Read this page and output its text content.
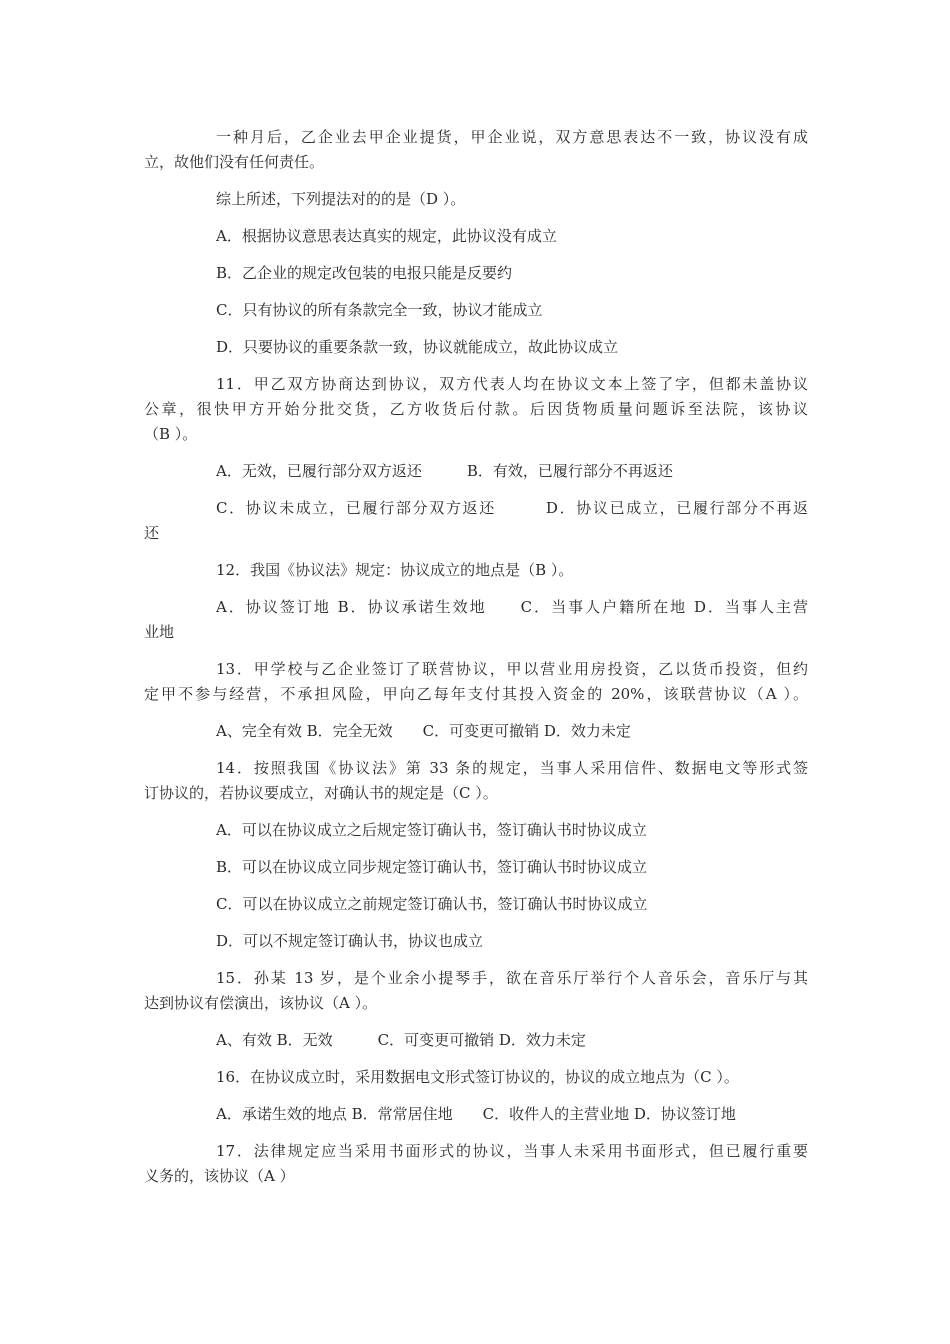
一种月后，乙企业去甲企业提货，甲企业说，双方意思表达不一致，协议没有成
立，故他们没有任何责任。
综上所述，下列提法对的的是（D ）。
A．根据协议意思表达真实的规定，此协议没有成立
B．乙企业的规定改包装的电报只能是反要约
C．只有协议的所有条款完全一致，协议才能成立
D．只要协议的重要条款一致，协议就能成立，故此协议成立
11．甲乙双方协商达到协议，双方代表人均在协议文本上签了字，但都未盖协议
公章，很快甲方开始分批交货，乙方收货后付款。后因货物质量问题诉至法院，该协议
（B ）。
A．无效，已履行部分双方返还　　　B．有效，已履行部分不再返还
C．协议未成立，已履行部分双方返还　　　D．协议已成立，已履行部分不再返
还
12．我国《协议法》规定：协议成立的地点是（B ）。
A．协议签订地 B．协议承诺生效地　　C．当事人户籍所在地 D．当事人主营
业地
13．甲学校与乙企业签订了联营协议，甲以营业用房投资，乙以货币投资，但约
定甲不参与经营，不承担风险，甲向乙每年支付其投入资金的 20%，该联营协议（A ）。
A、完全有效 B．完全无效　　C．可变更可撤销 D．效力未定
14．按照我国《协议法》第 33 条的规定，当事人采用信件、数据电文等形式签
订协议的，若协议要成立，对确认书的规定是（C ）。
A．可以在协议成立之后规定签订确认书，签订确认书时协议成立
B．可以在协议成立同步规定签订确认书，签订确认书时协议成立
C．可以在协议成立之前规定签订确认书，签订确认书时协议成立
D．可以不规定签订确认书，协议也成立
15．孙某 13 岁，是个业余小提琴手，欲在音乐厅举行个人音乐会，音乐厅与其
达到协议有偿演出，该协议（A ）。
A、有效 B．无效　　　C．可变更可撤销 D．效力未定
16．在协议成立时，采用数据电文形式签订协议的，协议的成立地点为（C ）。
A．承诺生效的地点 B．常常居住地　　C．收件人的主营业地 D．协议签订地
17．法律规定应当采用书面形式的协议，当事人未采用书面形式，但已履行重要
义务的，该协议（A ）
